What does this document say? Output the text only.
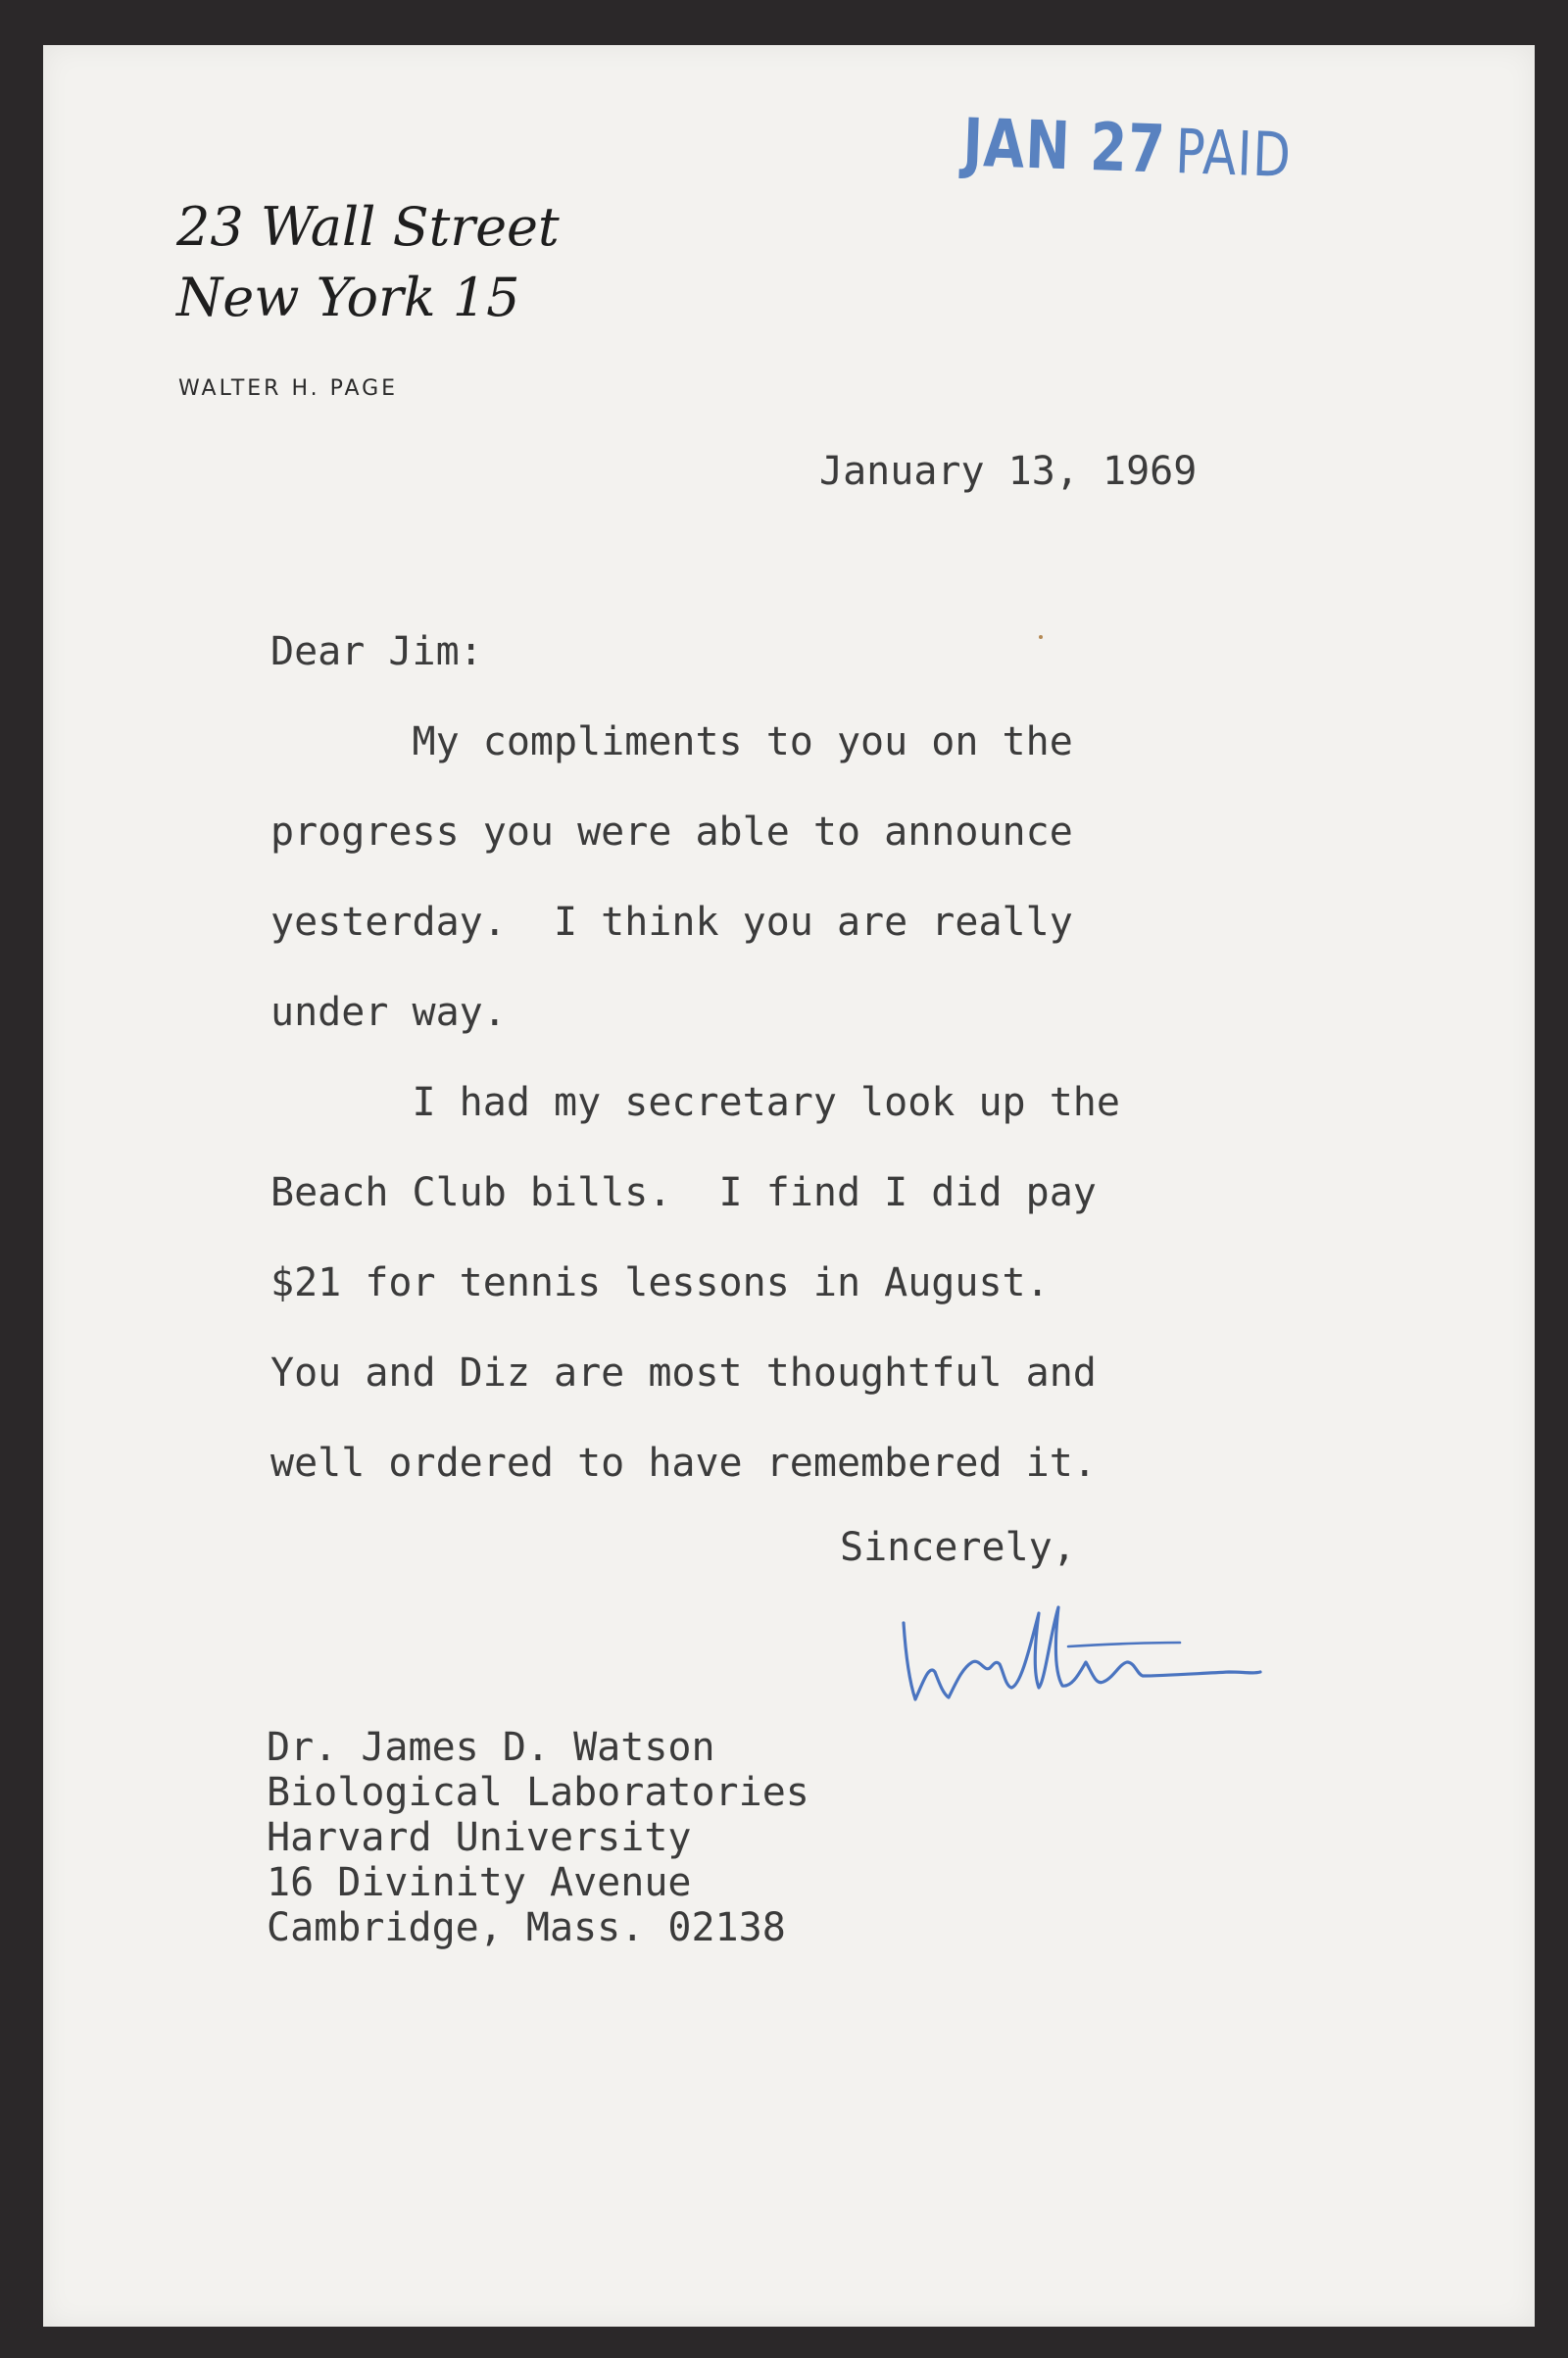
JAN 27 PAID
23 Wall Street
New York 15
WALTER H. PAGE
January 13, 1969
Dear Jim:
My compliments to you on the
progress you were able to announce
yesterday.  I think you are really
under way.
I had my secretary look up the
Beach Club bills.  I find I did pay
$21 for tennis lessons in August.
You and Diz are most thoughtful and
well ordered to have remembered it.
Sincerely,
Dr. James D. Watson
Biological Laboratories
Harvard University
16 Divinity Avenue
Cambridge, Mass. 02138
